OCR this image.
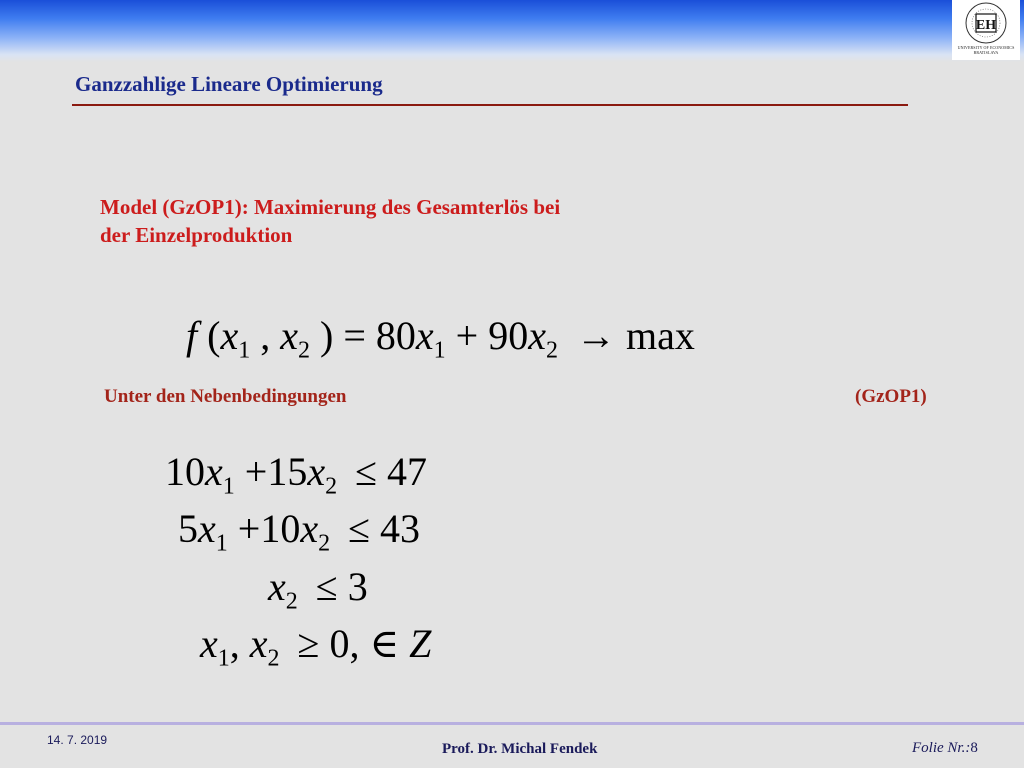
EH
UNIVERSITY OF ECONOMICS
BRATISLAVA
Ganzzahlige Lineare Optimierung
Model (GzOP1): Maximierung des Gesamterlös bei
der Einzelproduktion
f ($x_1$ , $x_2$ ) = $80x_1 + 90x_2 \to \max$
Unter den Nebenbedingungen	(GzOP1)
$10x_1 +15x_2 \le 47$
$5x_1 +10x_2 \le 43$
$x_2 \le 3$
$x_1$, $x_2 \ge 0$, ∈ Z
14. 7. 2019
Prof. Dr. Michal Fendek	Folie Nr.:8
